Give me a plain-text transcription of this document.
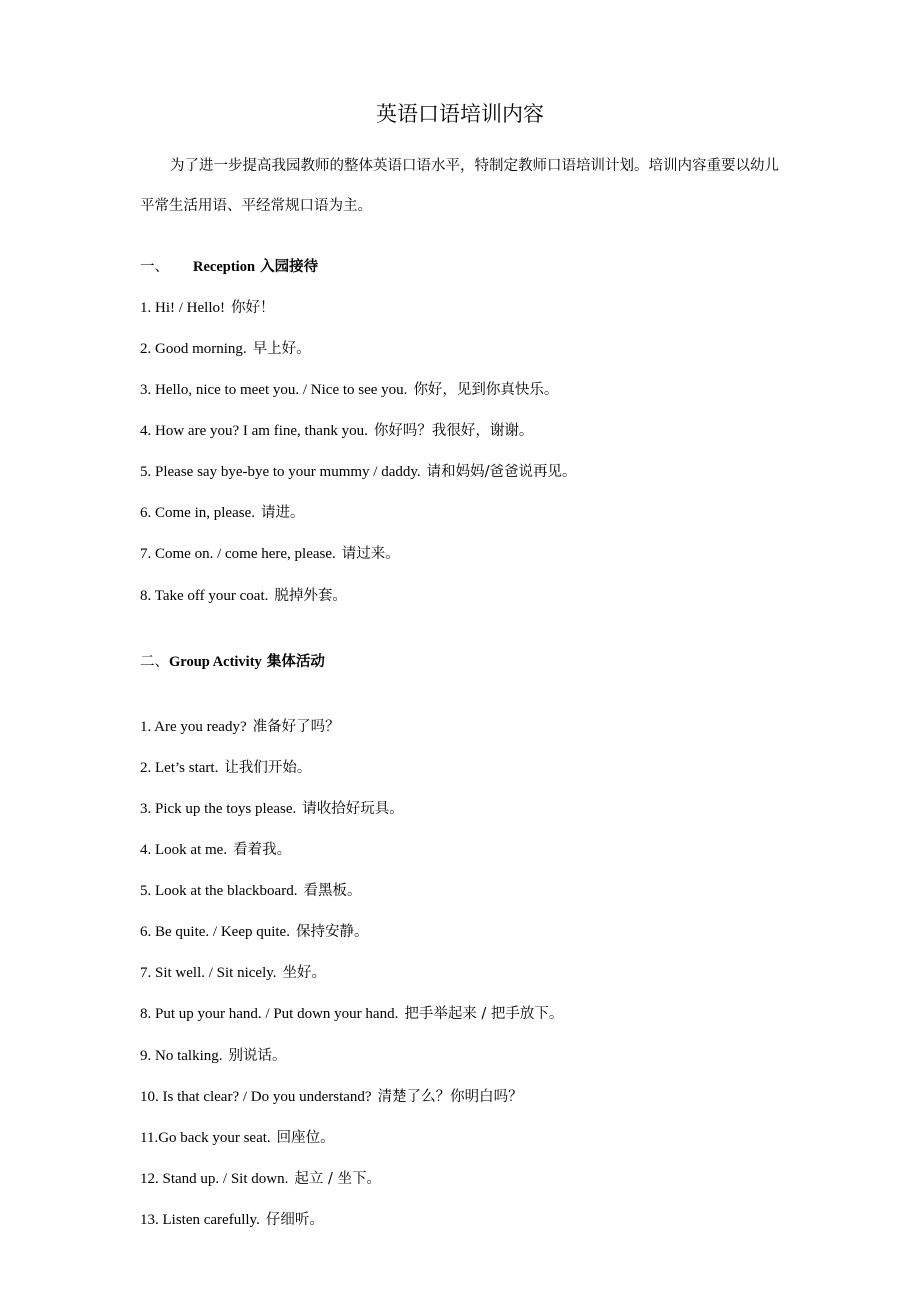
英语口语培训内容

为了进一步提高我园教师的整体英语口语水平，特制定教师口语培训计划。培训内容重要以幼儿平常生活用语、平经常规口语为主。

一、 Reception 入园接待

1. Hi! / Hello! 你好！

2. Good morning. 早上好。

3. Hello, nice to meet you. / Nice to see you. 你好，见到你真快乐。

4. How are you? I am fine, thank you. 你好吗？我很好，谢谢。

5. Please say bye-bye to your mummy / daddy. 请和妈妈/爸爸说再见。

6. Come in, please. 请进。

7. Come on. / come here, please. 请过来。

8. Take off your coat. 脱掉外套。

二、Group Activity 集体活动

1. Are you ready? 准备好了吗？

2. Let’s start. 让我们开始。

3. Pick up the toys please. 请收拾好玩具。

4. Look at me. 看着我。

5. Look at the blackboard. 看黑板。

6. Be quite. / Keep quite. 保持安静。

7. Sit well. / Sit nicely. 坐好。

8. Put up your hand. / Put down your hand. 把手举起来 / 把手放下。

9. No talking. 别说话。

10. Is that clear? / Do you understand? 清楚了么？你明白吗？

11.Go back your seat. 回座位。

12. Stand up. / Sit down. 起立 / 坐下。

13. Listen carefully. 仔细听。
